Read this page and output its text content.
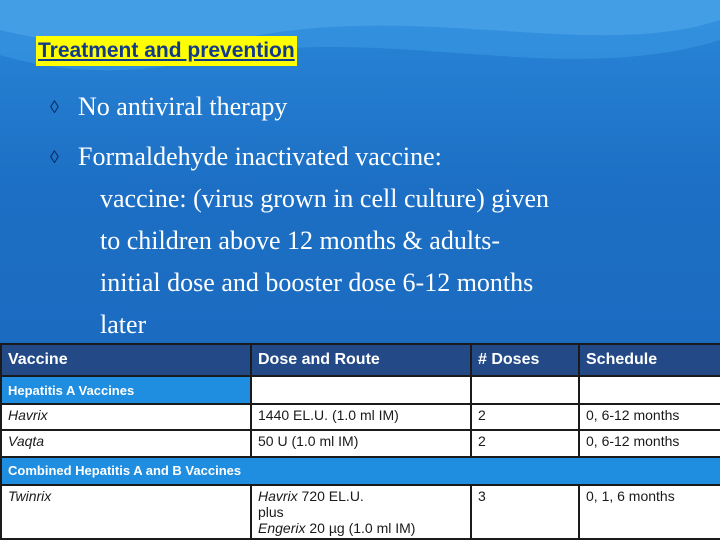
Treatment and prevention
◊ No antiviral therapy
◊ Formaldehyde inactivated vaccine:
vaccine: (virus grown in cell culture) given
to children above 12 months & adults-
initial dose and booster dose 6-12 months
later
Vaccine	Dose and Route	# Doses	Schedule
Hepatitis A Vaccines			
Havrix	1440 EL.U. (1.0 ml IM)	2	0, 6-12 months
Vaqta	50 U (1.0 ml IM)	2	0, 6-12 months
Combined Hepatitis A and B Vaccines			
Twinrix	Havrix 720 EL.U.
plus
Engerix 20 µg (1.0 ml IM)	3	0, 1, 6 months
